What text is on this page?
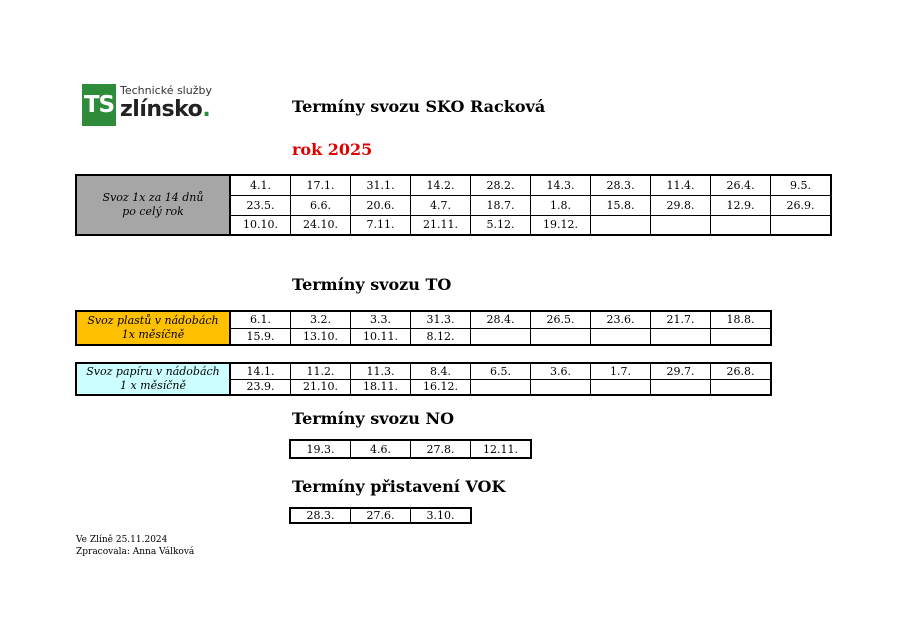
TS
Technické služby
zlínsko.	Termíny svozu SKO Racková
rok 2025
Svoz 1x za 14 dnů
po celý rok	4.1.	17.1.	31.1.	14.2.	28.2.	14.3.	28.3.	11.4.	26.4.	9.5.
	23.5.	6.6.	20.6.	4.7.	18.7.	1.8.	15.8.	29.8.	12.9.	26.9.
	10.10.	24.10.	7.11.	21.11.	5.12.	19.12.				
Termíny svozu TO
Svoz plastů v nádobách
1x měsíčně	6.1.	3.2.	3.3.	31.3.	28.4.	26.5.	23.6.	21.7.	18.8.
	15.9.	13.10.	10.11.	8.12.					
Svoz papíru v nádobách
1 x měsíčně	14.1.	11.2.	11.3.	8.4.	6.5.	3.6.	1.7.	29.7.	26.8.
	23.9.	21.10.	18.11.	16.12.					
Termíny svozu NO
19.3.	4.6.	27.8.	12.11.
Termíny přistavení VOK
28.3.	27.6.	3.10.
Ve Zlíně 25.11.2024
Zpracovala: Anna Válková
